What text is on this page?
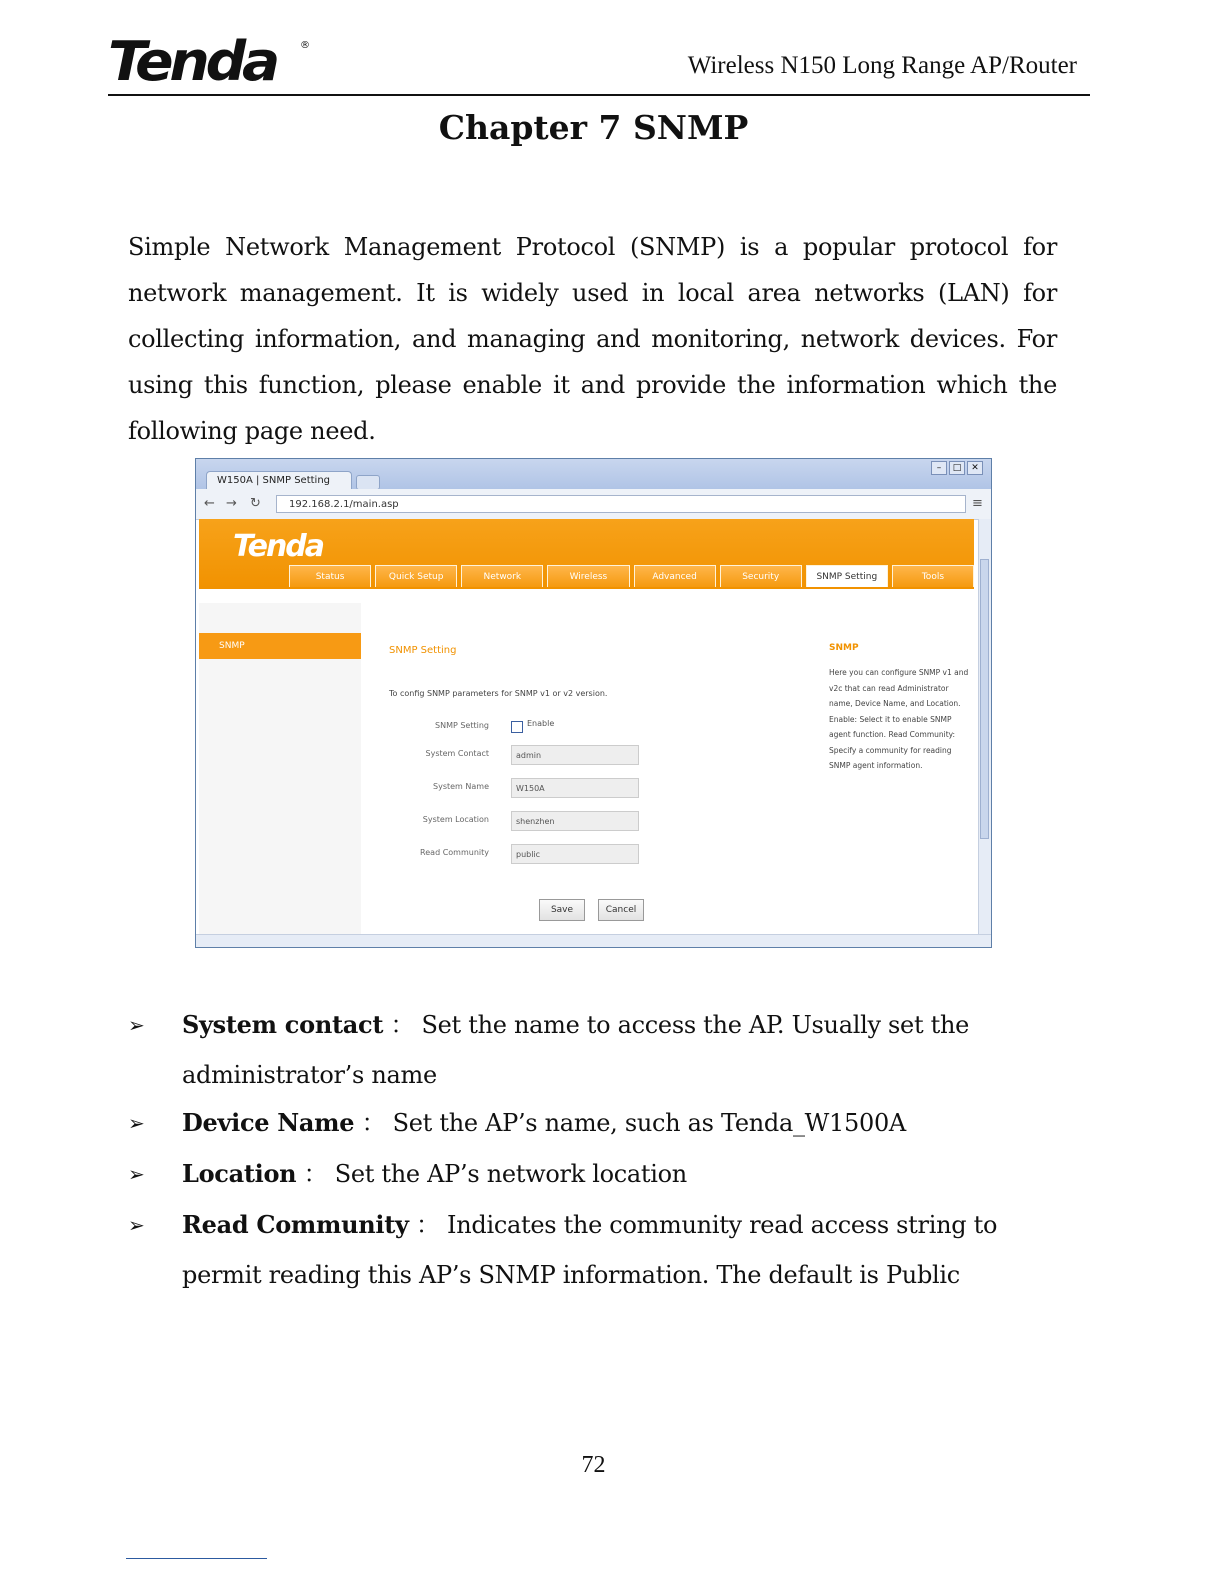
Tenda ®
Wireless N150 Long Range AP/Router
Chapter 7 SNMP
Simple Network Management Protocol (SNMP) is a popular protocol for network management. It is widely used in local area networks (LAN) for collecting information, and managing and monitoring, network devices. For using this function, please enable it and provide the information which the following page need.
W150A | SNMP Setting
–	□	✕
← → ↻	192.168.2.1/main.asp	≡
Tenda
Status	Quick Setup	Network	Wireless	Advanced	Security	SNMP Setting	Tools
SNMP	SNMP Setting
To config SNMP parameters for SNMP v1 or v2 version.
SNMP Setting	Enable
System Contact	admin
System Name	W150A
System Location	shenzhen
Read Community	public
Save	Cancel
SNMP
Here you can configure SNMP v1 and v2c that can read Administrator name, Device Name, and Location. Enable: Select it to enable SNMP agent function. Read Community: Specify a community for reading SNMP agent information.
➢ System contact ： Set the name to access the AP. Usually set the administrator’s name
➢ Device Name ： Set the AP’s name, such as Tenda_W1500A
➢ Location ： Set the AP’s network location
➢ Read Community ： Indicates the community read access string to permit reading this AP’s SNMP information. The default is Public
72
